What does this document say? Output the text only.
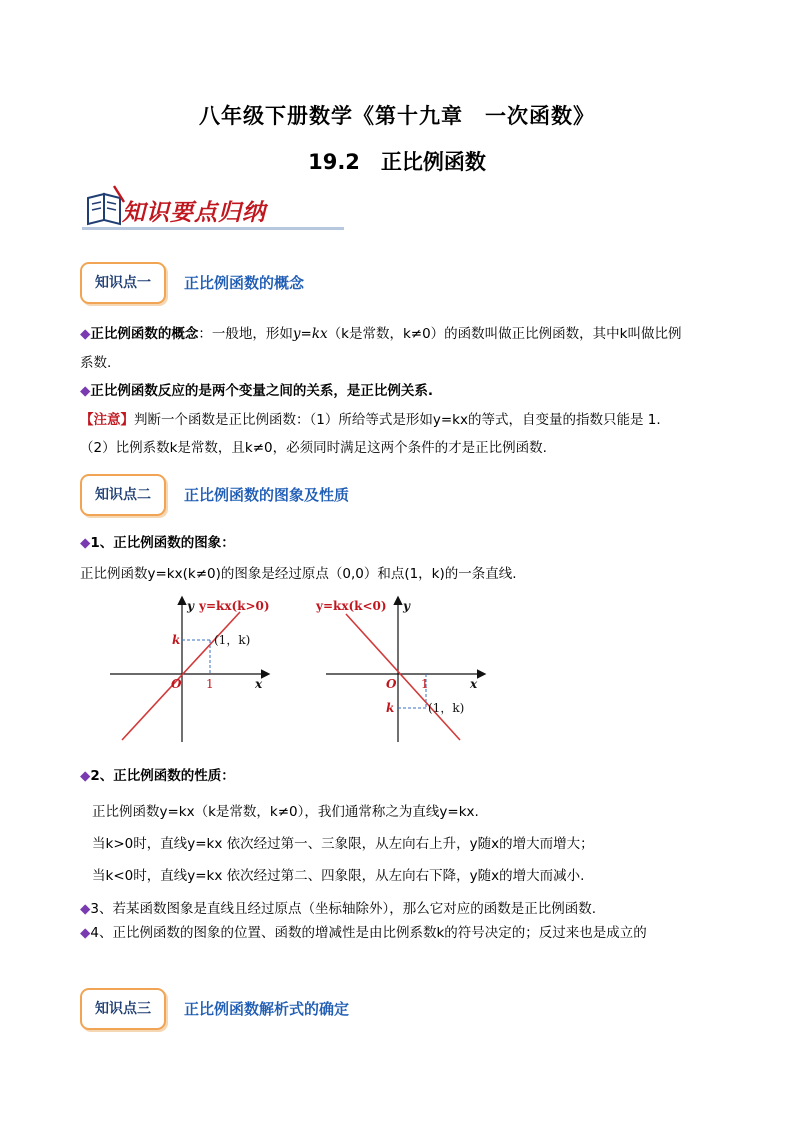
八年级下册数学《第十九章　一次函数》
19.2　正比例函数
知识要点归纳
知识点一	正比例函数的概念
◆正比例函数的概念：一般地，形如y=kx（k是常数，k≠0）的函数叫做正比例函数，其中k叫做比例
系数.
◆正比例函数反应的是两个变量之间的关系，是正比例关系.
【注意】判断一个函数是正比例函数：（1）所给等式是形如y=kx的等式，自变量的指数只能是 1.
（2）比例系数k是常数，且k≠0，必须同时满足这两个条件的才是正比例函数.
知识点二	正比例函数的图象及性质
◆1、正比例函数的图象：
正比例函数y=kx(k≠0)的图象是经过原点（0,0）和点(1，k)的一条直线.
y y=kx(k>0)
k	(1，k)
O 1	x
y=kx(k<0) y
O 1	x
k	(1，k)
◆2、正比例函数的性质：
正比例函数y=kx（k是常数，k≠0），我们通常称之为直线y=kx.
当k>0时，直线y=kx 依次经过第一、三象限，从左向右上升，y随x的增大而增大；
当k<0时，直线y=kx 依次经过第二、四象限，从左向右下降，y随x的增大而减小.
◆3、若某函数图象是直线且经过原点（坐标轴除外），那么它对应的函数是正比例函数.
◆4、正比例函数的图象的位置、函数的增减性是由比例系数k的符号决定的；反过来也是成立的
知识点三	正比例函数解析式的确定
